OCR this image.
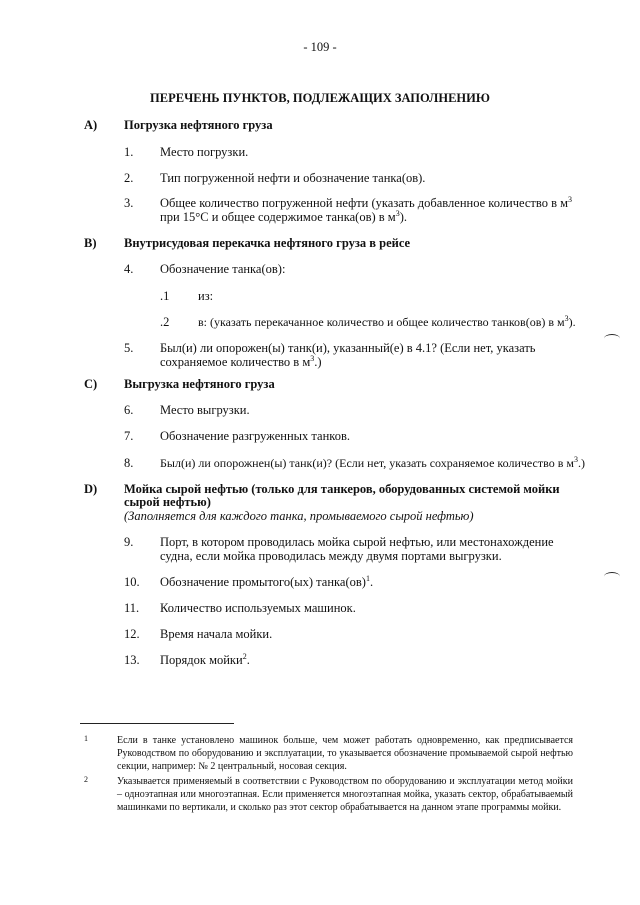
- 109 -
ПЕРЕЧЕНЬ ПУНКТОВ, ПОДЛЕЖАЩИХ ЗАПОЛНЕНИЮ
A) Погрузка нефтяного груза
1. Место погрузки.
2. Тип погруженной нефти и обозначение танка(ов).
3. Общее количество погруженной нефти (указать добавленное количество в $м^3$
при 15°C и общее содержимое танка(ов) в $м^3$).
B) Внутрисудовая перекачка нефтяного груза в рейсе
4. Обозначение танка(ов):
.1 из:
.2 в: (указать перекачанное количество и общее количество танков(ов) в $м^3$).
5. Был(и) ли опорожен(ы) танк(и), указанный(е) в 4.1? (Если нет, указать
сохраняемое количество в $м^3$.)
C) Выгрузка нефтяного груза
6. Место выгрузки.
7. Обозначение разгруженных танков.
8. Был(и) ли опорожнен(ы) танк(и)? (Если нет, указать сохраняемое количество в $м^3$.)
D) Мойка сырой нефтью (только для танкеров, оборудованных системой мойки
сырой нефтью)
(Заполняется для каждого танка, промываемого сырой нефтью)
9. Порт, в котором проводилась мойка сырой нефтью, или местонахождение
судна, если мойка проводилась между двумя портами выгрузки.
10. Обозначение промытого(ых) танка(ов)$^1$.
11. Количество используемых машинок.
12. Время начала мойки.
13. Порядок мойки$^2$.
1	Если в танке установлено машинок больше, чем может работать одновременно, как предписывается Руководством по оборудованию и эксплуатации, то указывается обозначение промываемой сырой нефтью секции, например: № 2 центральный, носовая секция.
2	Указывается применяемый в соответствии с Руководством по оборудованию и эксплуатации метод мойки – одноэтапная или многоэтапная. Если применяется многоэтапная мойка, указать сектор, обрабатываемый машинками по вертикали, и сколько раз этот сектор обрабатывается на данном этапе программы мойки.
